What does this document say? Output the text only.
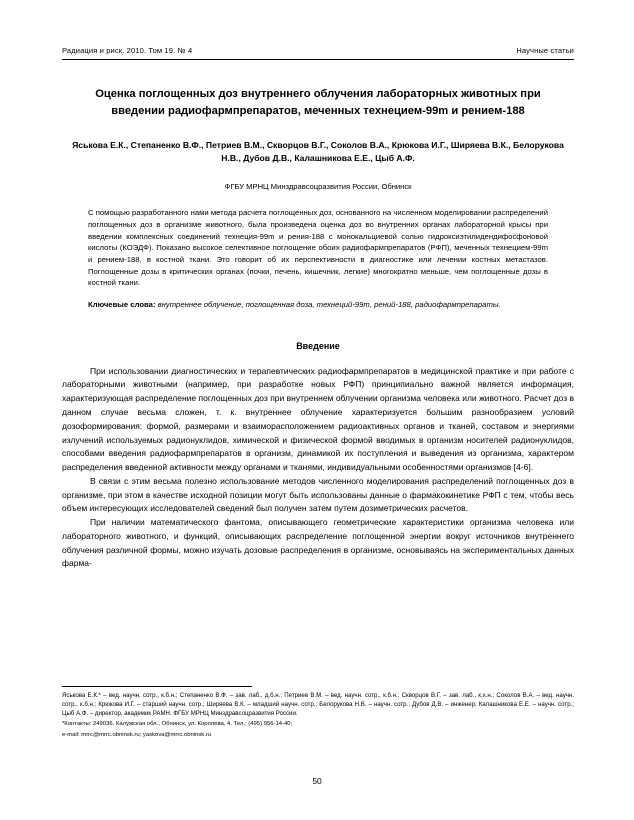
Радиация и риск. 2010. Том 19. № 4	Научные статьи
Оценка поглощенных доз внутреннего облучения лабораторных животных при введении радиофармпрепаратов, меченных технецием-99m и рением-188
Яськова Е.К., Степаненко В.Ф., Петриев В.М., Скворцов В.Г., Соколов В.А., Крюкова И.Г., Ширяева В.К., Белорукова Н.В., Дубов Д.В., Калашникова Е.Е., Цыб А.Ф.
ФГБУ МРНЦ Минздравсоцразвития России, Обнинск

С помощью разработанного нами метода расчета поглощенных доз, основанного на численном моделировании распределений поглощенных доз в организме животного, была произведена оценка доз во внутренних органах лабораторной крысы при введении комплексных соединений технеция-99m и рения-188 с монокальциевой солью гидроксиэтилидендифосфоновой кислоты (КОЭДФ). Показано высокое селективное поглощение обоих радиофармпрепаратов (РФП), меченных технецием-99m и рением-188, в костной ткани. Это говорит об их перспективности в диагностике или лечении костных метастазов. Поглощенные дозы в критических органах (почки, печень, кишечник, легкие) многократно меньше, чем поглощенные дозы в костной ткани.

Ключевые слова: внутреннее облучение, поглощенная доза, технеций-99m, рений-188, радиофармпрепараты.
Введение

При использовании диагностических и терапевтических радиофармпрепаратов в медицинской практике и при работе с лабораторными животными (например, при разработке новых РФП) принципиально важной является информация, характеризующая распределение поглощенных доз при внутреннем облучении организма человека или животного. Расчет доз в данном случае весьма сложен, т. к. внутреннее облучение характеризуется большим разнообразием условий дозоформирования: формой, размерами и взаиморасположением радиоактивных органов и тканей, составом и энергиями излучений используемых радионуклидов, химической и физической формой вводимых в организм носителей радионуклидов, способами введения радиофармпрепаратов в организм, динамикой их поступления и выведения из организма, характером распределения введенной активности между органами и тканями, индивидуальными особенностями организмов [4-6].

В связи с этим весьма полезно использование методов численного моделирования распределений поглощенных доз в организме, при этом в качестве исходной позиции могут быть использованы данные о фармакокинетике РФП с тем, чтобы весь объем интересующих исследователей сведений был получен затем путем дозиметрических расчетов.

При наличии математического фантома, описывающего геометрические характеристики организма человека или лабораторного животного, и функций, описывающих распределение поглощенной энергии вокруг источников внутреннего облучения различной формы, можно изучать дозовые распределения в организме, основываясь на экспериментальных данных фарма-

Яськова Е.К.* – вед. научн. сотр., к.б.н.; Степаненко В.Ф. – зав. лаб., д.б.н.; Петриев В.М. – вед. научн. сотр., к.б.н.; Скворцов В.Г. – зав. лаб., к.х.н.; Соколов В.А. – вед. научн. сотр., к.б.н.; Крюкова И.Г. – старший научн. сотр.; Ширяева В.К. – младший научн. сотр.; Белорукова Н.В. – научн. сотр.; Дубов Д.В. – инженер; Калашникова Е.Е. – научн. сотр.; Цыб А.Ф. – директор, академик РАМН. ФГБУ МРНЦ Минздравсоцразвития России.

*Контакты: 249036, Калужская обл., Обнинск, ул. Королева, 4. Тел.: (495) 956-14-40;

e-mail: mrrc@mrrc.obninsk.ru; yaskova@mrrc.obninsk.ru

50
